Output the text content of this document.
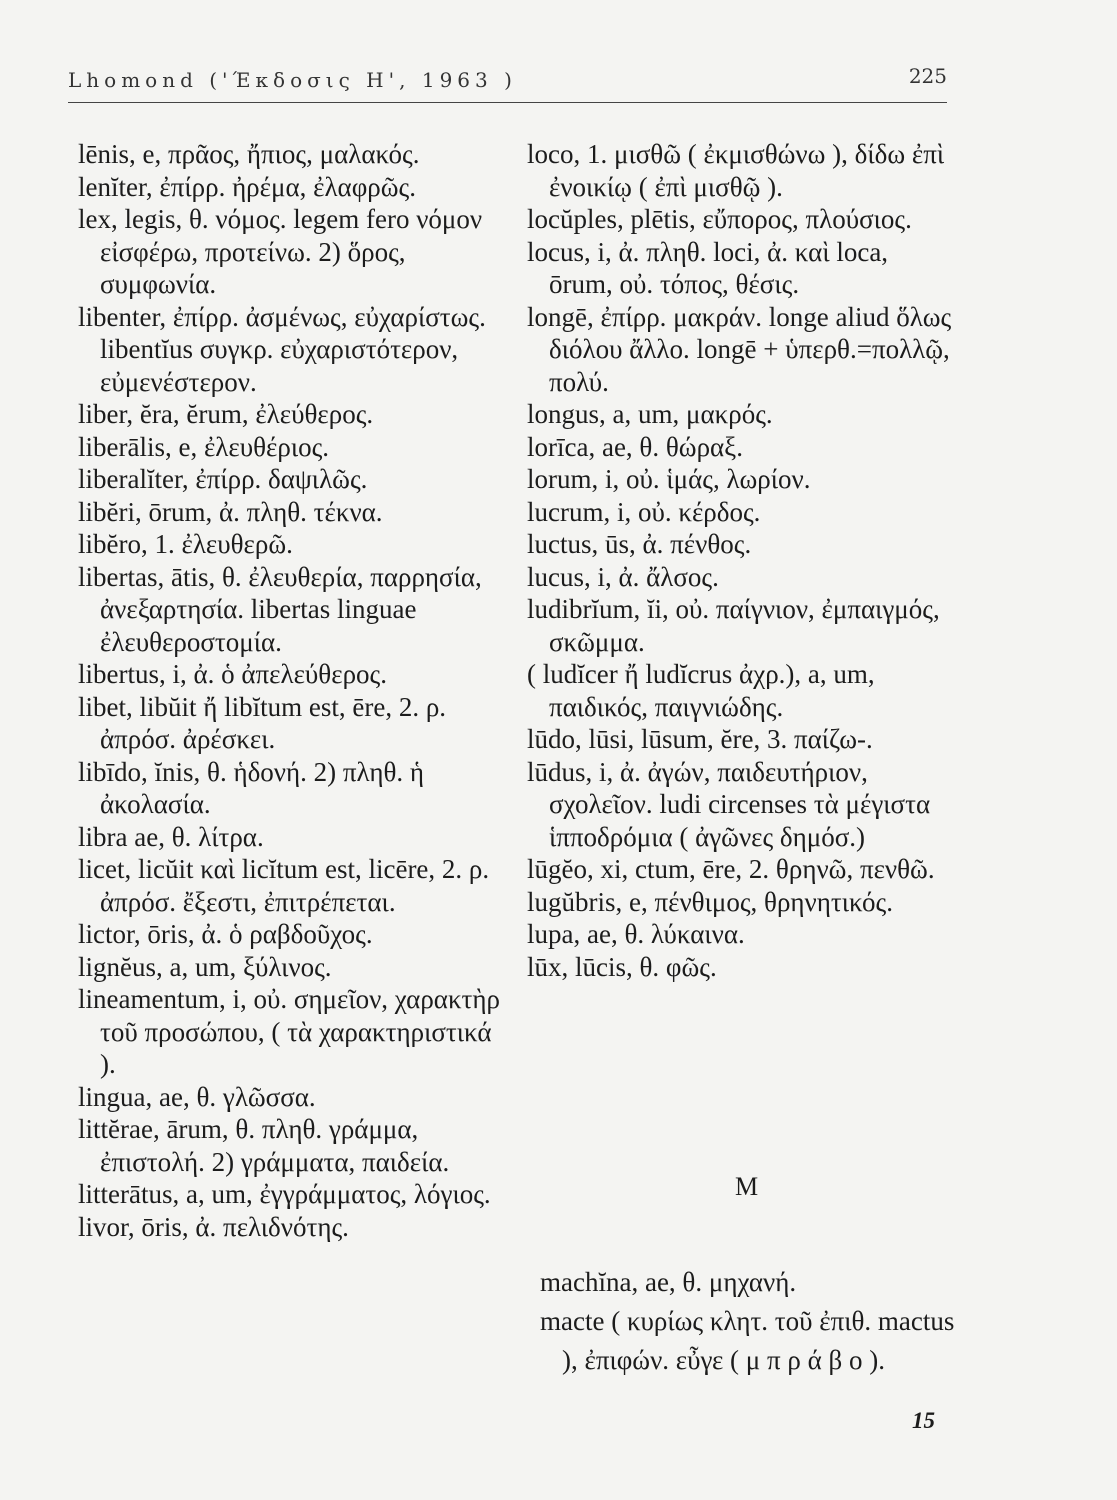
Lhomond ('Έκδοσις Η', 1963 )	225

lēnis, e, πρᾶος, ἤπιος, μαλακός.

lenĭter, ἐπίρρ. ἠρέμα, ἐλαφρῶς.

lex, legis, θ. νόμος. legem fero νόμον εἰσφέρω, προτείνω. 2) ὅρος, συμφωνία.

libenter, ἐπίρρ. ἀσμένως, εὐχαρίστως. libentĭus συγκρ. εὐχαριστότερον, εὐμενέστερον.

liber, ĕra, ĕrum, ἐλεύθερος.

liberālis, e, ἐλευθέριος.

liberalĭter, ἐπίρρ. δαψιλῶς.

libĕri, ōrum, ἀ. πληθ. τέκνα.

libĕro, 1. ἐλευθερῶ.

libertas, ātis, θ. ἐλευθερία, παρρησία, ἀνεξαρτησία. libertas linguae ἐλευθεροστομία.

libertus, i, ἀ. ὁ ἀπελεύθερος.

libet, libŭit ἤ libĭtum est, ēre, 2. ρ. ἀπρόσ. ἀρέσκει.

libīdo, ĭnis, θ. ἡδονή. 2) πληθ. ἡ ἀκολασία.

libra ae, θ. λίτρα.

licet, licŭit καὶ licĭtum est, licēre, 2. ρ. ἀπρόσ. ἔξεστι, ἐπιτρέπεται.

lictor, ōris, ἀ. ὁ ραβδοῦχος.

lignĕus, a, um, ξύλινος.

lineamentum, i, οὐ. σημεῖον, χαρακτὴρ τοῦ προσώπου, ( τὰ χαρακτηριστικά ).

lingua, ae, θ. γλῶσσα.

littĕrae, ārum, θ. πληθ. γράμμα, ἐπιστολή. 2) γράμματα, παιδεία.

litterātus, a, um, ἐγγράμματος, λόγιος.

livor, ōris, ἀ. πελιδνότης.

loco, 1. μισθῶ ( ἐκμισθώνω ), δίδω ἐπὶ ἐνοικίῳ ( ἐπὶ μισθῷ ).

locŭples, plētis, εὔπορος, πλούσιος.

locus, i, ἀ. πληθ. loci, ἀ. καὶ loca, ōrum, οὐ. τόπος, θέσις.

longē, ἐπίρρ. μακράν. longe aliud ὅλως διόλου ἄλλο. longē + ὑπερθ.=πολλῷ, πολύ.

longus, a, um, μακρός.

lorīca, ae, θ. θώραξ.

lorum, i, οὐ. ἱμάς, λωρίον.

lucrum, i, οὐ. κέρδος.

luctus, ūs, ἀ. πένθος.

lucus, i, ἀ. ἄλσος.

ludibrĭum, ĭi, οὐ. παίγνιον, ἐμπαιγμός, σκῶμμα.

( ludĭcer ἤ ludĭcrus ἀχρ.), a, um, παιδικός, παιγνιώδης.

lūdo, lūsi, lūsum, ĕre, 3. παίζω-.

lūdus, i, ἀ. ἀγών, παιδευτήριον, σχολεῖον. ludi circenses τὰ μέγιστα ἱπποδρόμια ( ἀγῶνες δημόσ.)

lūgĕo, xi, ctum, ēre, 2. θρηνῶ, πενθῶ.

lugŭbris, e, πένθιμος, θρηνητικός.

lupa, ae, θ. λύκαινα.

lūx, lūcis, θ. φῶς.

M

machĭna, ae, θ. μηχανή.

macte ( κυρίως κλητ. τοῦ ἐπιθ. mactus ), ἐπιφών. εὖγε ( μ π ρ ά β ο ).

15
